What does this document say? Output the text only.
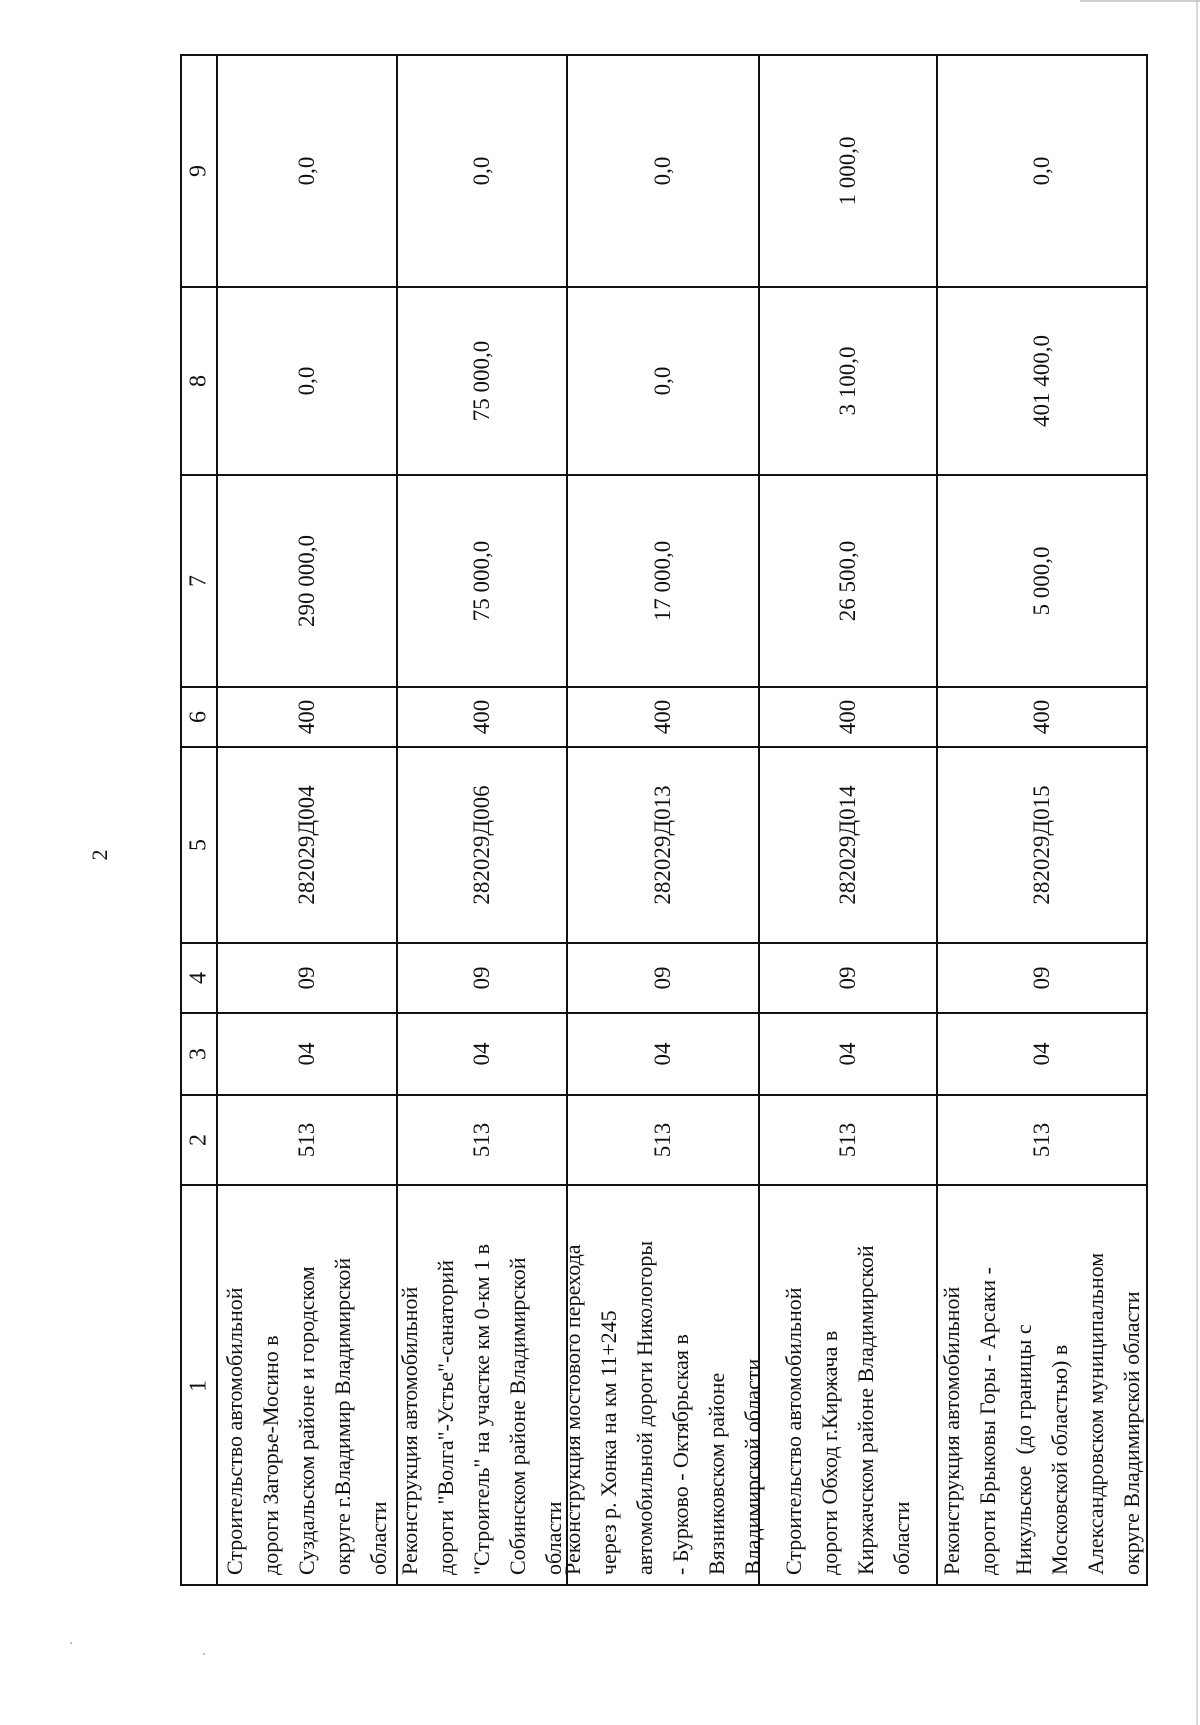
2
1
2
3
4
5
6
7
8
9
Строительство автомобильной дороги Загорье-Мосино в Суздальском районе и городском округе г.Владимир Владимирской области
513
04
09
282029Д004
400
290 000,0
0,0
0,0
Реконструкция автомобильной дороги "Волга"-Устье"-санаторий "Строитель" на участке км 0-км 1 в Собинском районе Владимирской области
513
04
09
282029Д006
400
75 000,0
75 000,0
0,0
Реконструкция мостового перехода через р. Хонка на км 11+245 автомобильной дороги Никологоры - Бурково - Октябрьская в Вязниковском районе Владимирской области
513
04
09
282029Д013
400
17 000,0
0,0
0,0
Строительство автомобильной дороги Обход г.Киржача в Киржачском районе Владимирской области
513
04
09
282029Д014
400
26 500,0
3 100,0
1 000,0
Реконструкция автомобильной дороги Брыковы Горы - Арсаки - Никульское  (до границы с Московской областью) в Александровском муниципальном округе Владимирской области
513
04
09
282029Д015
400
5 000,0
401 400,0
0,0
